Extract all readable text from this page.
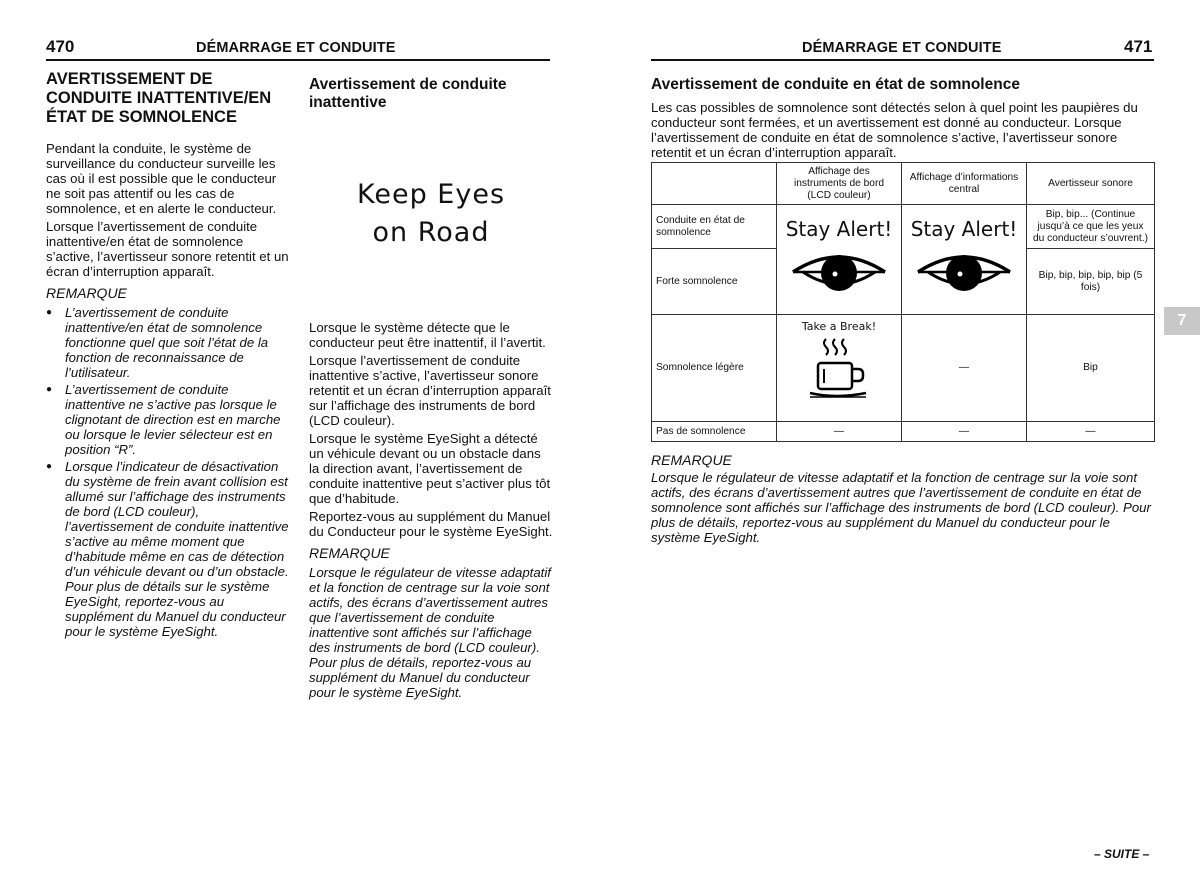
470	DÉMARRAGE ET CONDUITE
AVERTISSEMENT DE CONDUITE INATTENTIVE/EN ÉTAT DE SOMNOLENCE

Pendant la conduite, le système de surveillance du conducteur surveille les cas où il est possible que le conducteur ne soit pas attentif ou les cas de somnolence, et en alerte le conducteur.

Lorsque l’avertissement de conduite inattentive/en état de somnolence s’active, l’avertisseur sonore retentit et un écran d’interruption apparaît.

REMARQUE
● L’avertissement de conduite inattentive/en état de somnolence fonctionne quel que soit l’état de la fonction de reconnaissance de l’utilisateur.
● L’avertissement de conduite inattentive ne s’active pas lorsque le clignotant de direction est en marche ou lorsque le levier sélecteur est en position “R”.
● Lorsque l’indicateur de désactivation du système de frein avant collision est allumé sur l’affichage des instruments de bord (LCD couleur), l’avertissement de conduite inattentive s’active au même moment que d’habitude même en cas de détection d’un véhicule devant ou d’un obstacle. Pour plus de détails sur le système EyeSight, reportez-vous au supplément du Manuel du conducteur pour le système EyeSight.
Avertissement de conduite inattentive
Keep Eyes
on Road

Lorsque le système détecte que le conducteur peut être inattentif, il l’avertit.

Lorsque l’avertissement de conduite inattentive s’active, l’avertisseur sonore retentit et un écran d’interruption apparaît sur l’affichage des instruments de bord (LCD couleur).

Lorsque le système EyeSight a détecté un véhicule devant ou un obstacle dans la direction avant, l’avertissement de conduite inattentive peut s’activer plus tôt que d’habitude.

Reportez-vous au supplément du Manuel du Conducteur pour le système EyeSight.

REMARQUE

Lorsque le régulateur de vitesse adaptatif et la fonction de centrage sur la voie sont actifs, des écrans d’avertissement autres que l’avertissement de conduite inattentive sont affichés sur l’affichage des instruments de bord (LCD couleur). Pour plus de détails, reportez-vous au supplément du Manuel du conducteur pour le système EyeSight.

DÉMARRAGE ET CONDUITE	471
Avertissement de conduite en état de somnolence

Les cas possibles de somnolence sont détectés selon à quel point les paupières du conducteur sont fermées, et un avertissement est donné au conducteur. Lorsque l’avertissement de conduite en état de somnolence s’active, l’avertisseur sonore retentit et un écran d’interruption apparaît.

	Affichage des instruments de bord (LCD couleur)	Affichage d’informations central	Avertisseur sonore
Conduite en état de somnolence	Stay Alert!	Stay Alert!	Bip, bip... (Continue jusqu’à ce que les yeux du conducteur s’ouvrent.)
Forte somnolence			Bip, bip, bip, bip, bip (5 fois)
Somnolence légère	Take a Break!	—	Bip
Pas de somnolence	—	—	—
REMARQUE

Lorsque le régulateur de vitesse adaptatif et la fonction de centrage sur la voie sont actifs, des écrans d’avertissement autres que l’avertissement de conduite en état de somnolence sont affichés sur l’affichage des instruments de bord (LCD couleur). Pour plus de détails, reportez-vous au supplément du Manuel du conducteur pour le système EyeSight.

7
– SUITE –
